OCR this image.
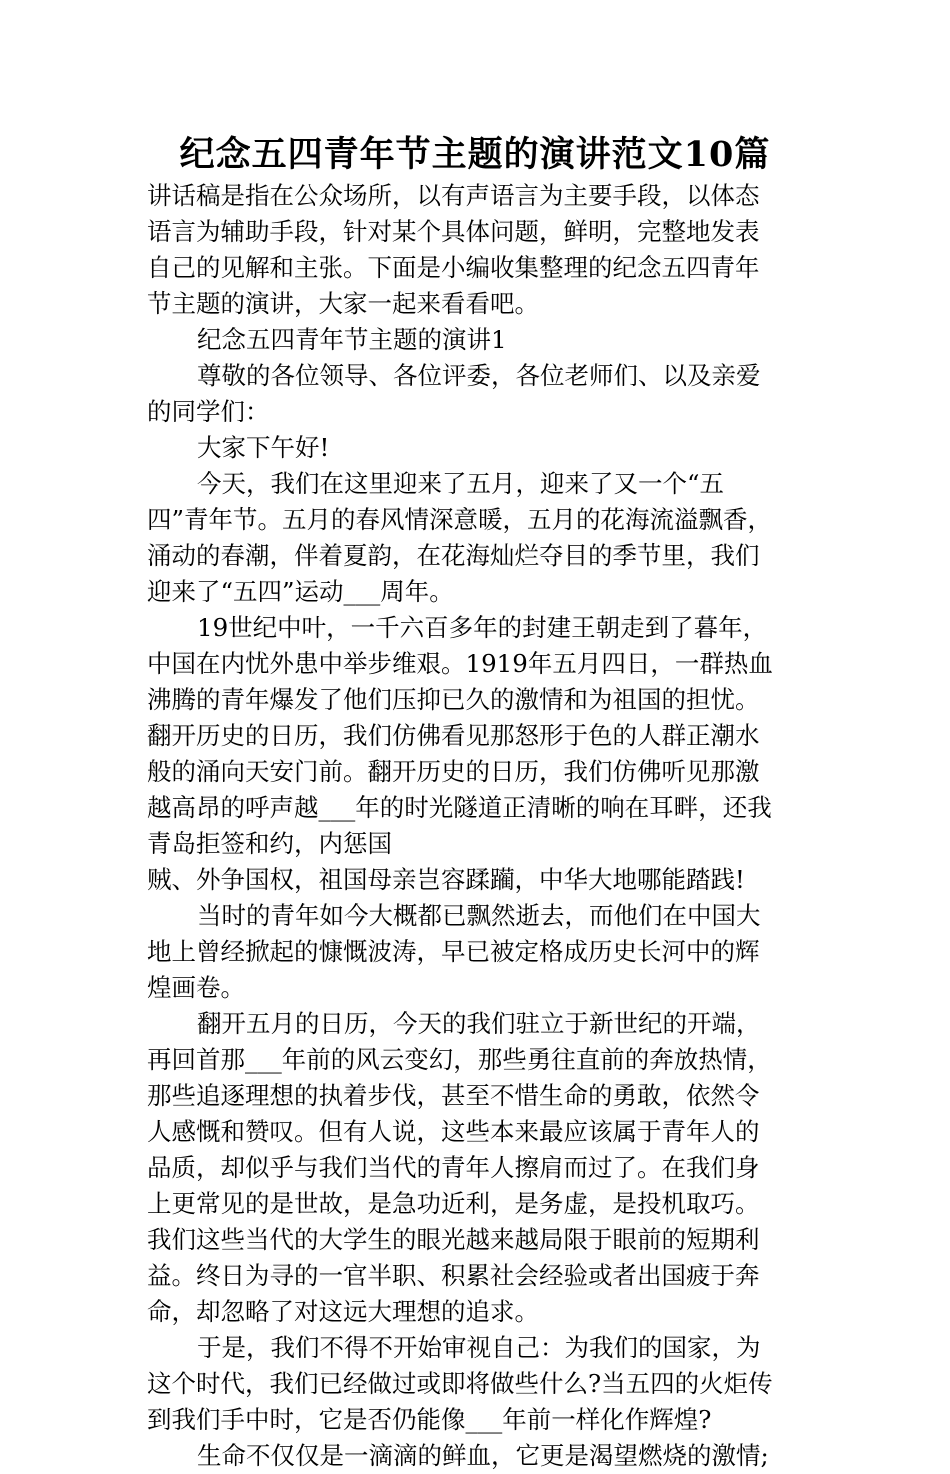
纪念五四青年节主题的演讲范文10篇
讲话稿是指在公众场所，以有声语言为主要手段，以体态
语言为辅助手段，针对某个具体问题，鲜明，完整地发表
自己的见解和主张。下面是小编收集整理的纪念五四青年
节主题的演讲，大家一起来看看吧。
纪念五四青年节主题的演讲1
尊敬的各位领导、各位评委，各位老师们、以及亲爱
的同学们：
大家下午好!
今天，我们在这里迎来了五月，迎来了又一个“五
四”青年节。五月的春风情深意暖，五月的花海流溢飘香，
涌动的春潮，伴着夏韵，在花海灿烂夺目的季节里，我们
迎来了“五四”运动___周年。
19世纪中叶，一千六百多年的封建王朝走到了暮年，
中国在内忧外患中举步维艰。1919年五月四日，一群热血
沸腾的青年爆发了他们压抑已久的激情和为祖国的担忧。
翻开历史的日历，我们仿佛看见那怒形于色的人群正潮水
般的涌向天安门前。翻开历史的日历，我们仿佛听见那激
越高昂的呼声越___年的时光隧道正清晰的响在耳畔，还我
青岛拒签和约，内惩国
贼、外争国权，祖国母亲岂容蹂躏，中华大地哪能踏践!
当时的青年如今大概都已飘然逝去，而他们在中国大
地上曾经掀起的慷慨波涛，早已被定格成历史长河中的辉
煌画卷。
翻开五月的日历，今天的我们驻立于新世纪的开端，
再回首那___年前的风云变幻，那些勇往直前的奔放热情，
那些追逐理想的执着步伐，甚至不惜生命的勇敢，依然令
人感慨和赞叹。但有人说，这些本来最应该属于青年人的
品质，却似乎与我们当代的青年人擦肩而过了。在我们身
上更常见的是世故，是急功近利，是务虚，是投机取巧。
我们这些当代的大学生的眼光越来越局限于眼前的短期利
益。终日为寻的一官半职、积累社会经验或者出国疲于奔
命，却忽略了对这远大理想的追求。
于是，我们不得不开始审视自己：为我们的国家，为
这个时代，我们已经做过或即将做些什么?当五四的火炬传
到我们手中时，它是否仍能像___年前一样化作辉煌?
生命不仅仅是一滴滴的鲜血，它更是渴望燃烧的激情;
